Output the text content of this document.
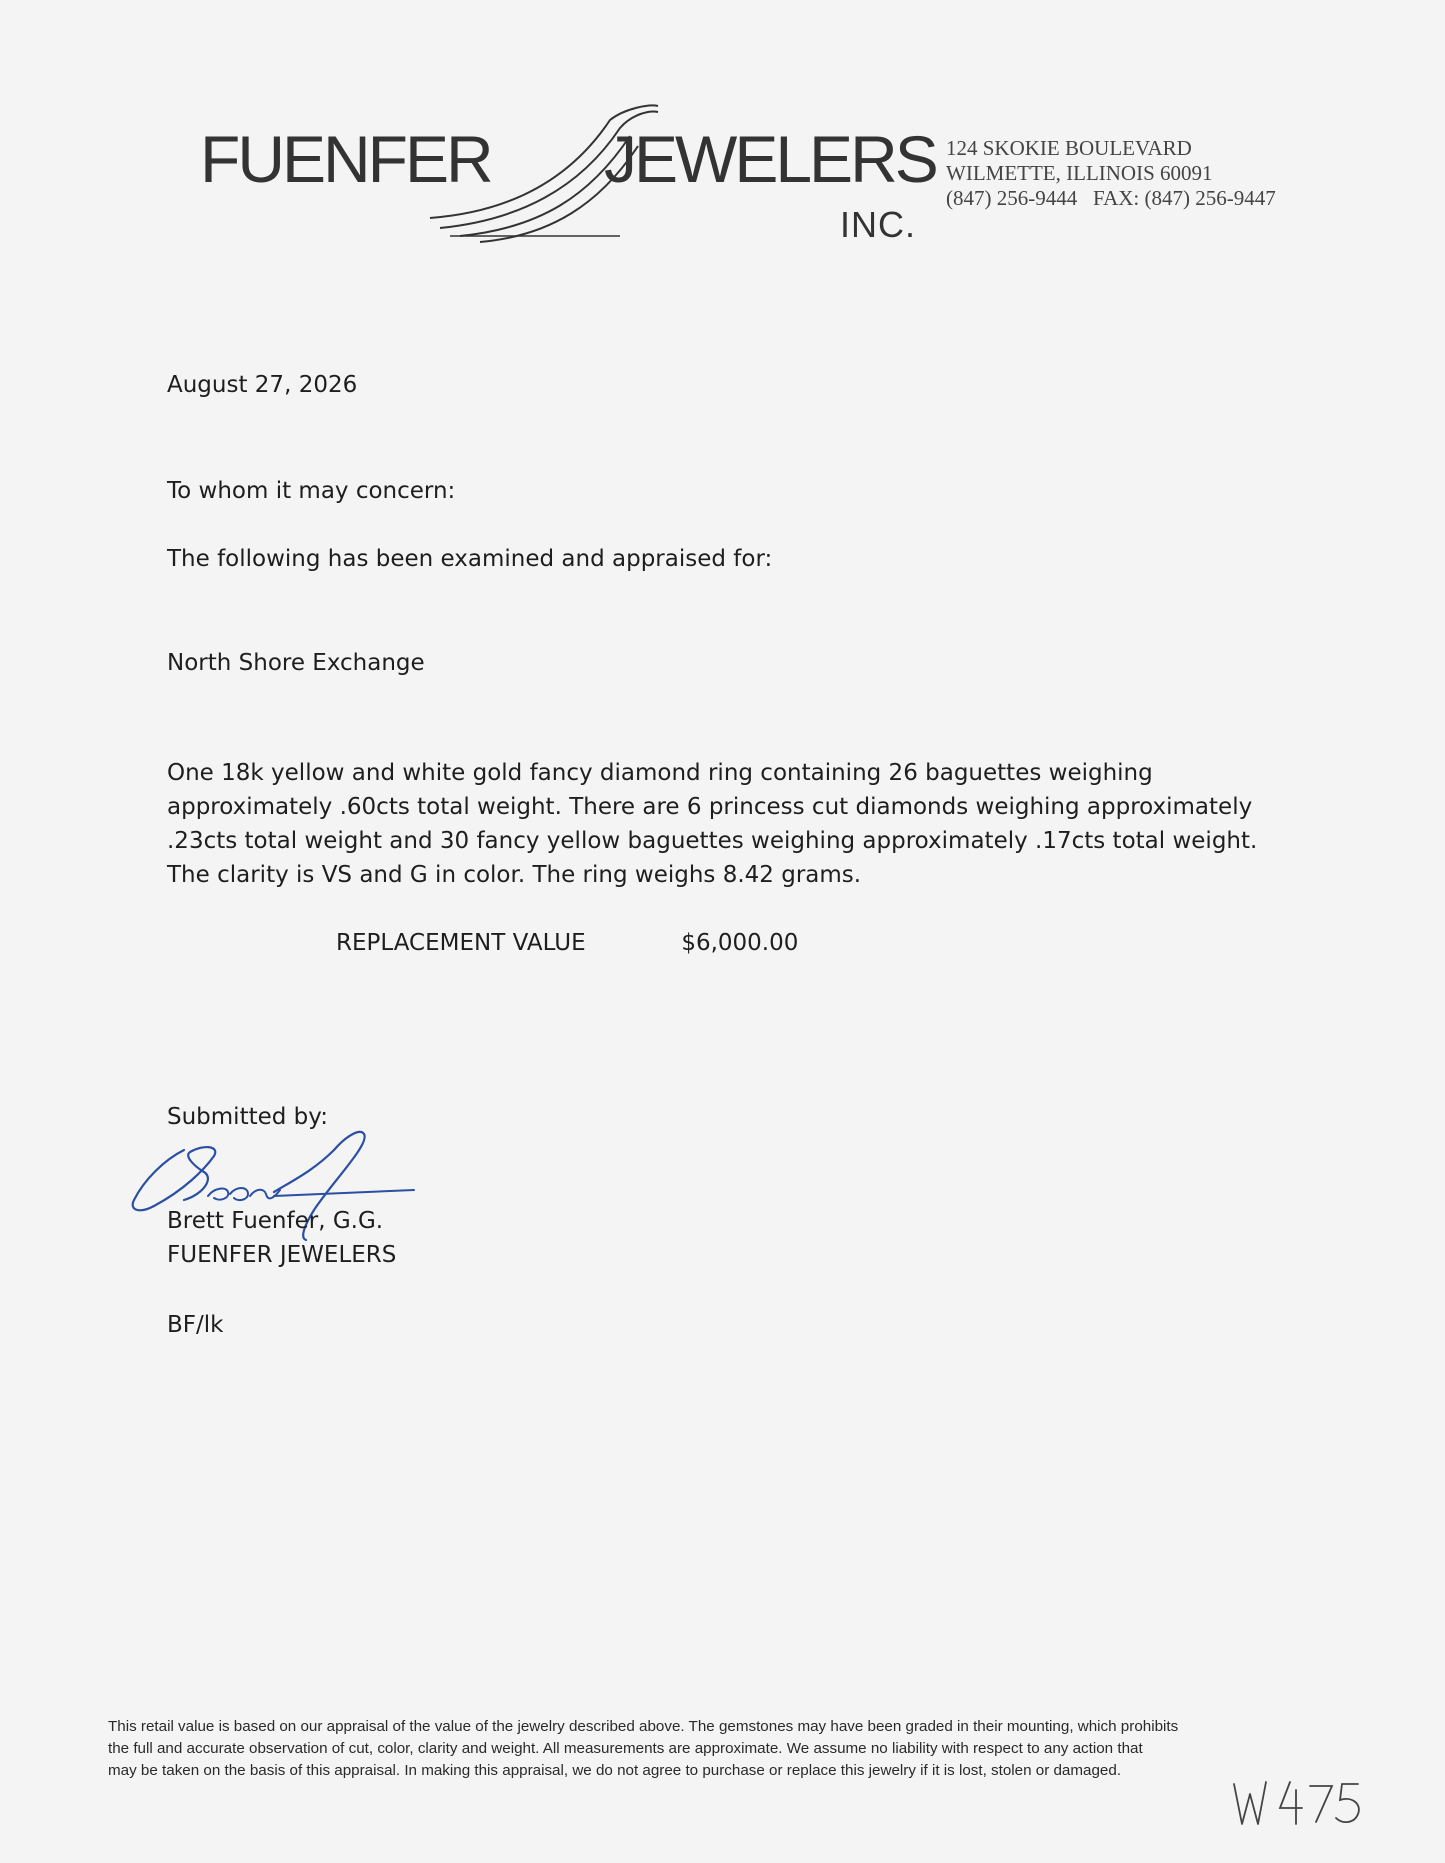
FUENFER JEWELERS
INC.
124 SKOKIE BOULEVARD
WILMETTE, ILLINOIS 60091
(847) 256-9444   FAX: (847) 256-9447
August 27, 2026
To whom it may concern:
The following has been examined and appraised for:
North Shore Exchange
One 18k yellow and white gold fancy diamond ring containing 26 baguettes weighing
approximately .60cts total weight. There are 6 princess cut diamonds weighing approximately
.23cts total weight and 30 fancy yellow baguettes weighing approximately .17cts total weight.
The clarity is VS and G in color. The ring weighs 8.42 grams.
REPLACEMENT VALUE	$6,000.00
Submitted by:
Brett Fuenfer, G.G.
FUENFER JEWELERS
BF/lk
This retail value is based on our appraisal of the value of the jewelry described above. The gemstones may have been graded in their mounting, which prohibits
the full and accurate observation of cut, color, clarity and weight. All measurements are approximate. We assume no liability with respect to any action that
may be taken on the basis of this appraisal. In making this appraisal, we do not agree to purchase or replace this jewelry if it is lost, stolen or damaged.
